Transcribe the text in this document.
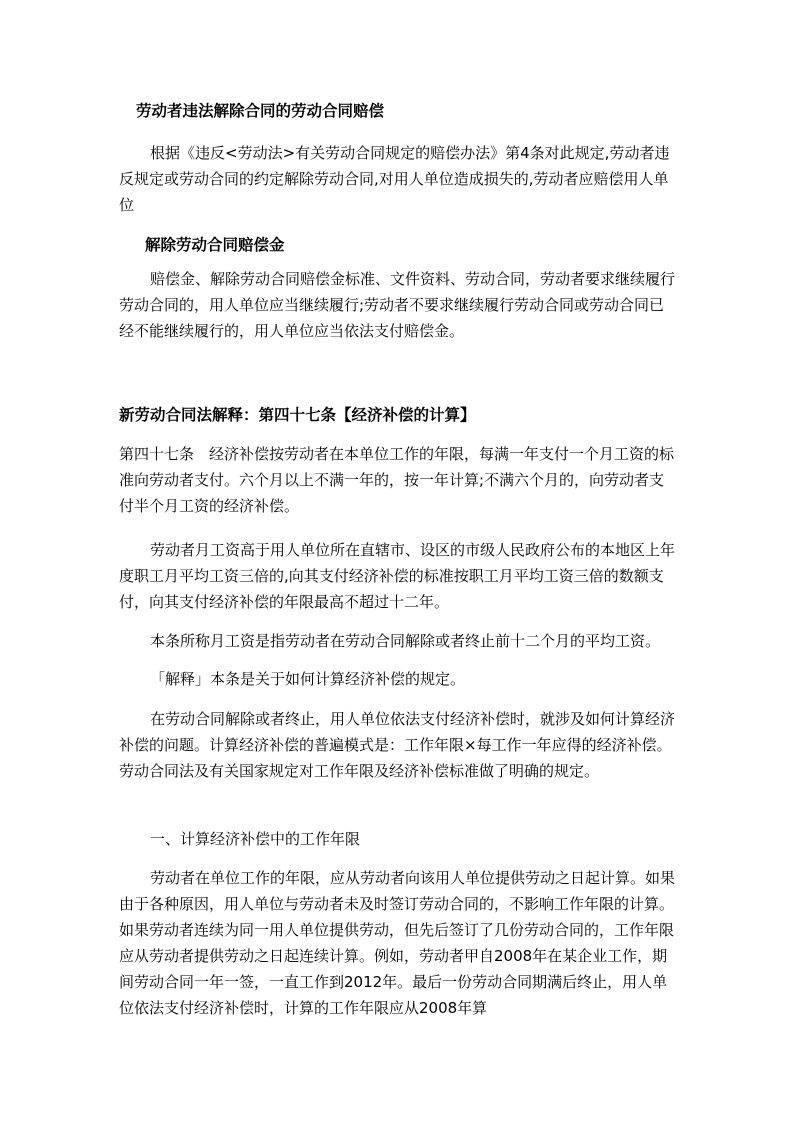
劳动者违法解除合同的劳动合同赔偿

根据《违反<劳动法>有关劳动合同规定的赔偿办法》第4条对此规定,劳动者违反规定或劳动合同的约定解除劳动合同,对用人单位造成损失的,劳动者应赔偿用人单位

解除劳动合同赔偿金

赔偿金、解除劳动合同赔偿金标准、文件资料、劳动合同，劳动者要求继续履行劳动合同的，用人单位应当继续履行;劳动者不要求继续履行劳动合同或劳动合同已经不能继续履行的，用人单位应当依法支付赔偿金。

新劳动合同法解释：第四十七条【经济补偿的计算】

第四十七条　经济补偿按劳动者在本单位工作的年限，每满一年支付一个月工资的标准向劳动者支付。六个月以上不满一年的，按一年计算;不满六个月的，向劳动者支付半个月工资的经济补偿。

劳动者月工资高于用人单位所在直辖市、设区的市级人民政府公布的本地区上年度职工月平均工资三倍的,向其支付经济补偿的标准按职工月平均工资三倍的数额支付，向其支付经济补偿的年限最高不超过十二年。

本条所称月工资是指劳动者在劳动合同解除或者终止前十二个月的平均工资。

「解释」本条是关于如何计算经济补偿的规定。

在劳动合同解除或者终止，用人单位依法支付经济补偿时，就涉及如何计算经济补偿的问题。计算经济补偿的普遍模式是：工作年限×每工作一年应得的经济补偿。劳动合同法及有关国家规定对工作年限及经济补偿标准做了明确的规定。

一、计算经济补偿中的工作年限

劳动者在单位工作的年限，应从劳动者向该用人单位提供劳动之日起计算。如果由于各种原因，用人单位与劳动者未及时签订劳动合同的，不影响工作年限的计算。如果劳动者连续为同一用人单位提供劳动，但先后签订了几份劳动合同的，工作年限应从劳动者提供劳动之日起连续计算。例如，劳动者甲自2008年在某企业工作，期间劳动合同一年一签，一直工作到2012年。最后一份劳动合同期满后终止，用人单位依法支付经济补偿时，计算的工作年限应从2008年算
